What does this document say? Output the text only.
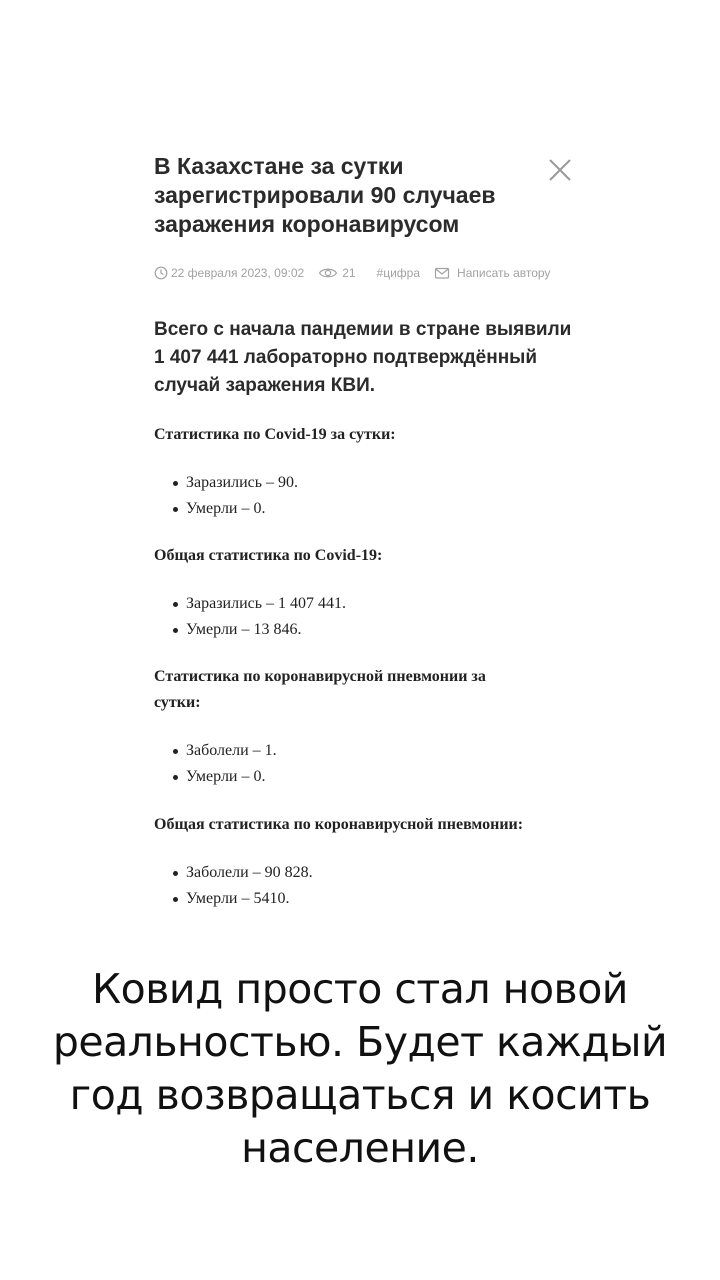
В Казахстане за сутки зарегистрировали 90 случаев заражения коронавирусом
22 февраля 2023, 09:02	21 #цифра	Написать автору

Всего с начала пандемии в стране выявили 1 407 441 лабораторно подтверждённый случай заражения КВИ.

Статистика по Covid-19 за сутки:

Заразились – 90.
Умерли – 0.

Общая статистика по Covid-19:

Заразились – 1 407 441.
Умерли – 13 846.

Статистика по коронавирусной пневмонии за сутки:

Заболели – 1.
Умерли – 0.

Общая статистика по коронавирусной пневмонии:

Заболели – 90 828.
Умерли – 5410.
Ковид просто стал новой реальностью. Будет каждый год возвращаться и косить население.
